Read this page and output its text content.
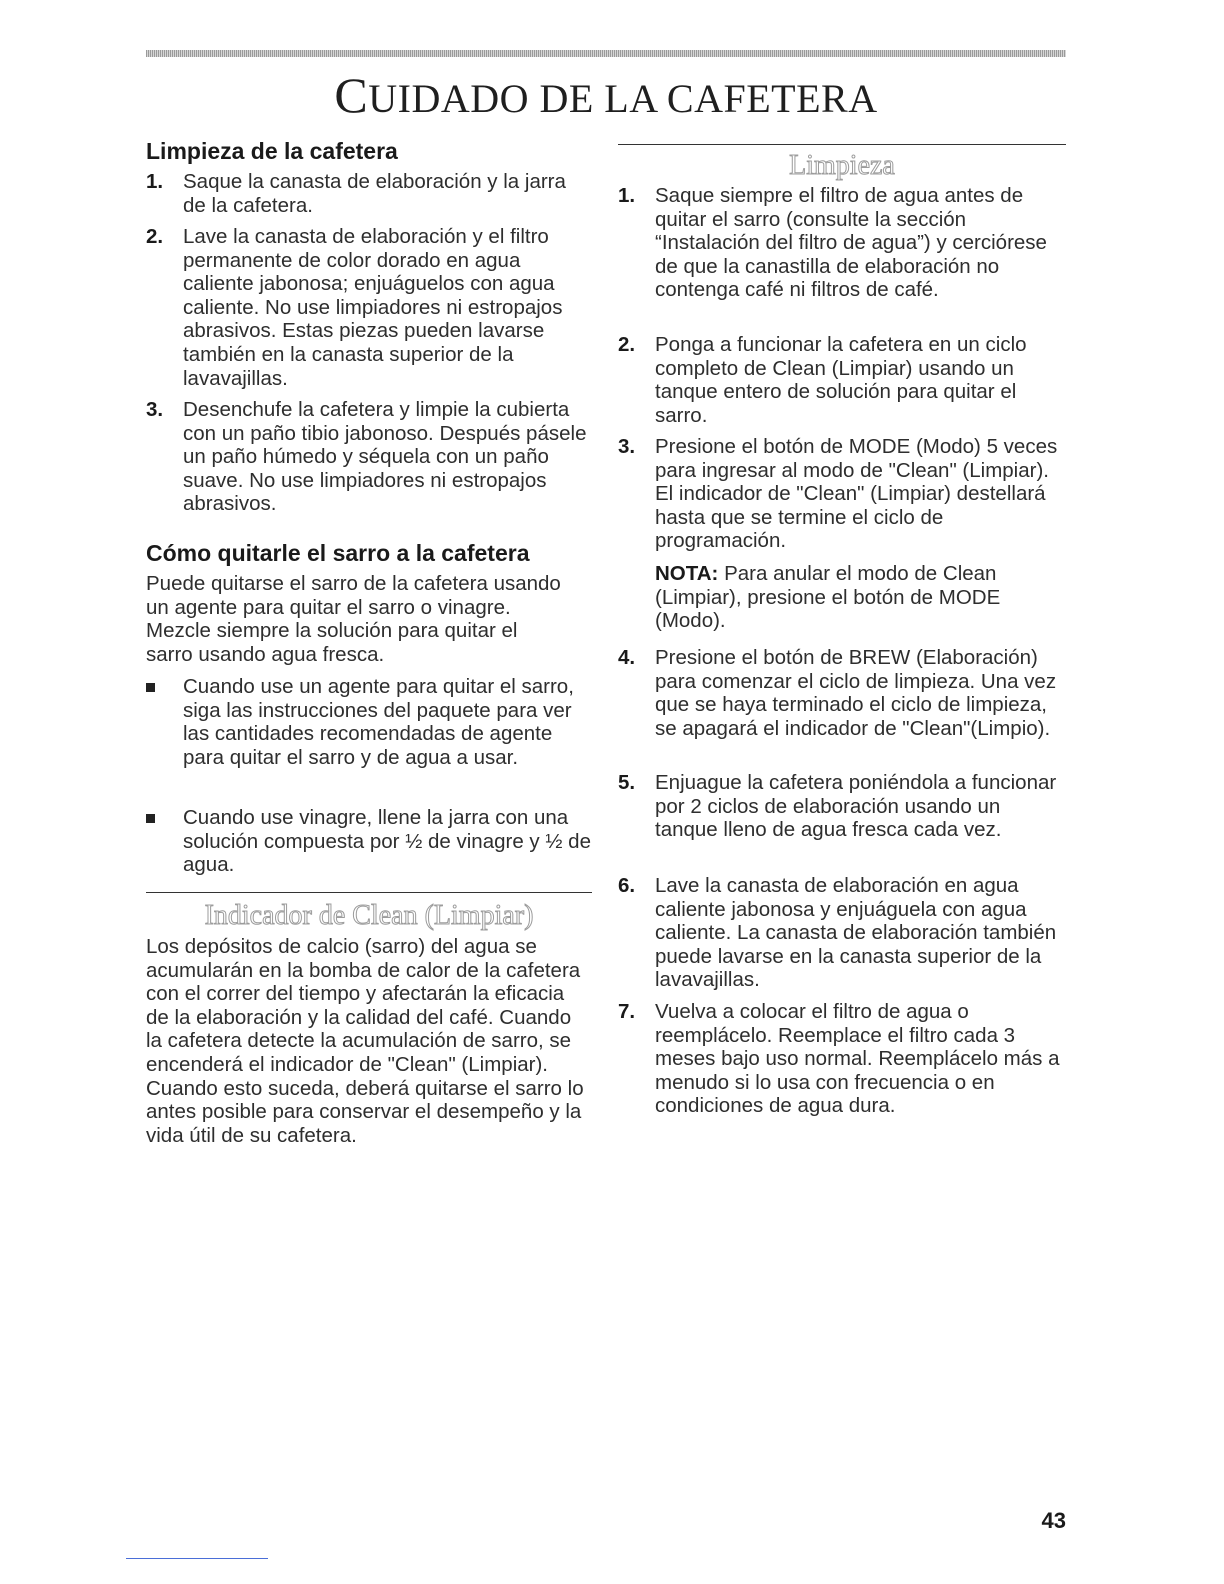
CUIDADO DE LA CAFETERA
Limpieza de la cafetera
1. Saque la canasta de elaboración y la jarra de la cafetera.
2. Lave la canasta de elaboración y el filtro permanente de color dorado en agua caliente jabonosa; enjuáguelos con agua caliente. No use limpiadores ni estropajos abrasivos. Estas piezas pueden lavarse también en la canasta superior de la lavavajillas.
3. Desenchufe la cafetera y limpie la cubierta con un paño tibio jabonoso. Después pásele un paño húmedo y séquela con un paño suave. No use limpiadores ni estropajos abrasivos.
Cómo quitarle el sarro a la cafetera

Puede quitarse el sarro de la cafetera usando un agente para quitar el sarro o vinagre. Mezcle siempre la solución para quitar el sarro usando agua fresca.

Cuando use un agente para quitar el sarro, siga las instrucciones del paquete para ver las cantidades recomendadas de agente para quitar el sarro y de agua a usar.
Cuando use vinagre, llene la jarra con una solución compuesta por ½ de vinagre y ½ de agua.
Indicador de Clean (Limpiar)

Los depósitos de calcio (sarro) del agua se acumularán en la bomba de calor de la cafetera con el correr del tiempo y afectarán la eficacia de la elaboración y la calidad del café. Cuando la cafetera detecte la acumulación de sarro, se encenderá el indicador de "Clean" (Limpiar). Cuando esto suceda, deberá quitarse el sarro lo antes posible para conservar el desempeño y la vida útil de su cafetera.

Limpieza
1. Saque siempre el filtro de agua antes de quitar el sarro (consulte la sección “Instalación del filtro de agua”) y cerciórese de que la canastilla de elaboración no contenga café ni filtros de café.
2. Ponga a funcionar la cafetera en un ciclo completo de Clean (Limpiar) usando un tanque entero de solución para quitar el sarro.
3. Presione el botón de MODE (Modo) 5 veces para ingresar al modo de "Clean" (Limpiar). El indicador de "Clean" (Limpiar) destellará hasta que se termine el ciclo de programación.

NOTA: Para anular el modo de Clean (Limpiar), presione el botón de MODE (Modo).

4. Presione el botón de BREW (Elaboración) para comenzar el ciclo de limpieza. Una vez que se haya terminado el ciclo de limpieza, se apagará el indicador de "Clean"(Limpio).
5. Enjuague la cafetera poniéndola a funcionar por 2 ciclos de elaboración usando un tanque lleno de agua fresca cada vez.
6. Lave la canasta de elaboración en agua caliente jabonosa y enjuáguela con agua caliente. La canasta de elaboración también puede lavarse en la canasta superior de la lavavajillas.
7. Vuelva a colocar el filtro de agua o reemplácelo. Reemplace el filtro cada 3 meses bajo uso normal. Reemplácelo más a menudo si lo usa con frecuencia o en condiciones de agua dura.
43
